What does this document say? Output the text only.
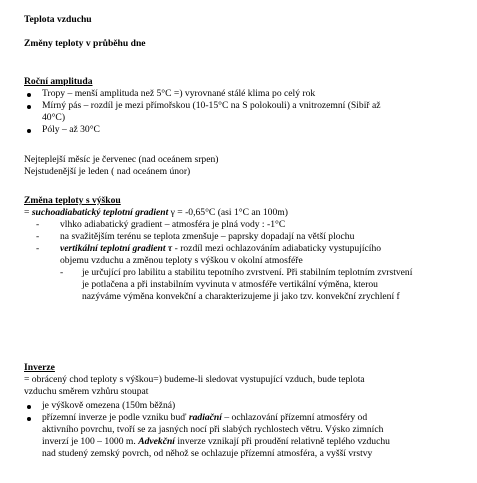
Teplota vzduchu
Změny teploty v průběhu dne
Roční amplituda
Tropy – menší amplituda než 5°C =) vyrovnané stálé klima po celý rok
Mírný pás – rozdíl je mezi přímořskou (10-15°C na S polokouli) a vnitrozemní (Sibiř až
40°C)
Póly – až 30°C
Nejteplejší měsíc je červenec (nad oceánem srpen)
Nejstudenější je leden ( nad oceánem únor)
Změna teploty s výškou
= suchoadiabatický teplotní gradient γ = -0,65°C (asi 1°C an 100m)
- vlhko adiabatický gradient – atmosféra je plná vody : -1°C
- na svažitějším terénu se teplota zmenšuje – paprsky dopadají na větší plochu
- vertikální teplotní gradient τ - rozdíl mezi ochlazováním adiabaticky vystupujícího
objemu vzduchu a změnou teploty s výškou v okolní atmosféře
- je určující pro labilitu a stabilitu tepotního zvrstvení. Při stabilním teplotním zvrstvení
je potlačena a při instabilním vyvinuta v atmosféře vertikální výměna, kterou
nazýváme výměna konvekční a charakterizujeme ji jako tzv. konvekční zrychlení f
Inverze
= obrácený chod teploty s výškou=) budeme-li sledovat vystupující vzduch, bude teplota
vzduchu směrem vzhůru stoupat
je výškově omezena (150m běžná)
přízemní inverze je podle vzniku buď radiační – ochlazování přízemní atmosféry od
aktivního povrchu, tvoří se za jasných nocí při slabých rychlostech větru. Výsko zimních
inverzí je 100 – 1000 m. Advekční inverze vznikají při proudění relativně teplého vzduchu
nad studený zemský povrch, od něhož se ochlazuje přízemní atmosféra, a vyšší vrstvy
